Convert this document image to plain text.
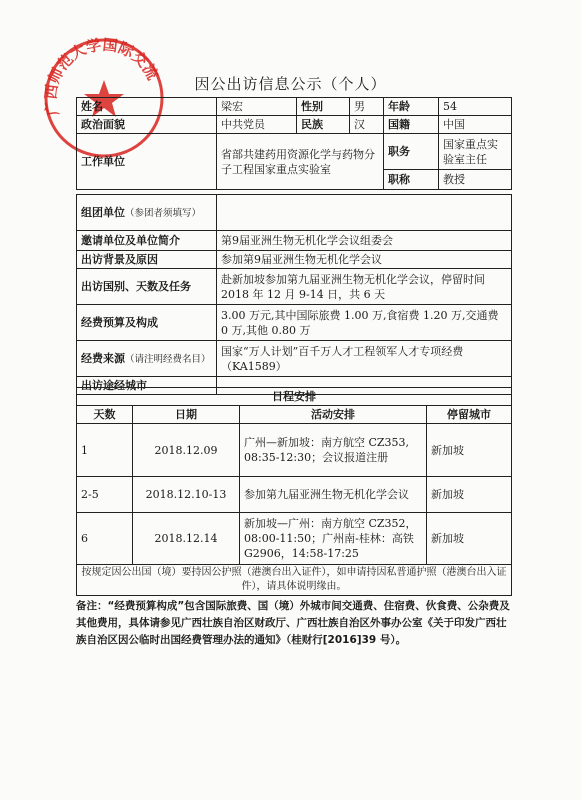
广西师范大学国际交流处
因公出访信息公示（个人）
姓名	梁宏	性别	男	年龄	54
政治面貌	中共党员	民族	汉	国籍	中国
工作单位	省部共建药用资源化学与药物分子工程国家重点实验室			职务	国家重点实验室主任
				职称	教授
组团单位（参团者须填写）	
邀请单位及单位简介	第9届亚洲生物无机化学会议组委会
出访背景及原因	参加第9届亚洲生物无机化学会议
出访国别、天数及任务	赴新加坡参加第九届亚洲生物无机化学会议，停留时间 2018 年 12 月 9-14 日，共 6 天
经费预算及构成	3.00 万元,其中国际旅费 1.00 万,食宿费 1.20 万,交通费 0 万,其他 0.80 万
经费来源（请注明经费名目）	国家“万人计划”百千万人才工程领军人才专项经费（KA1589）
出访途经城市	
日程安排			
天数	日期	活动安排	停留城市
1	2018.12.09	广州—新加坡：南方航空 CZ353, 08:35-12:30；会议报道注册	新加坡
2-5	2018.12.10-13	参加第九届亚洲生物无机化学会议	新加坡
6	2018.12.14	新加坡—广州：南方航空 CZ352，08:00-11:50；广州南-桂林：高铁 G2906，14:58-17:25	新加坡
按规定因公出国（境）要持因公护照（港澳台出入证件），如申请持因私普通护照（港澳台出入证件），请具体说明缘由。			
备注：“经费预算构成”包含国际旅费、国（境）外城市间交通费、住宿费、伙食费、公杂费及其他费用，具体请参见广西壮族自治区财政厅、广西壮族自治区外事办公室《关于印发广西壮族自治区因公临时出国经费管理办法的通知》（桂财行[2016]39 号）。
